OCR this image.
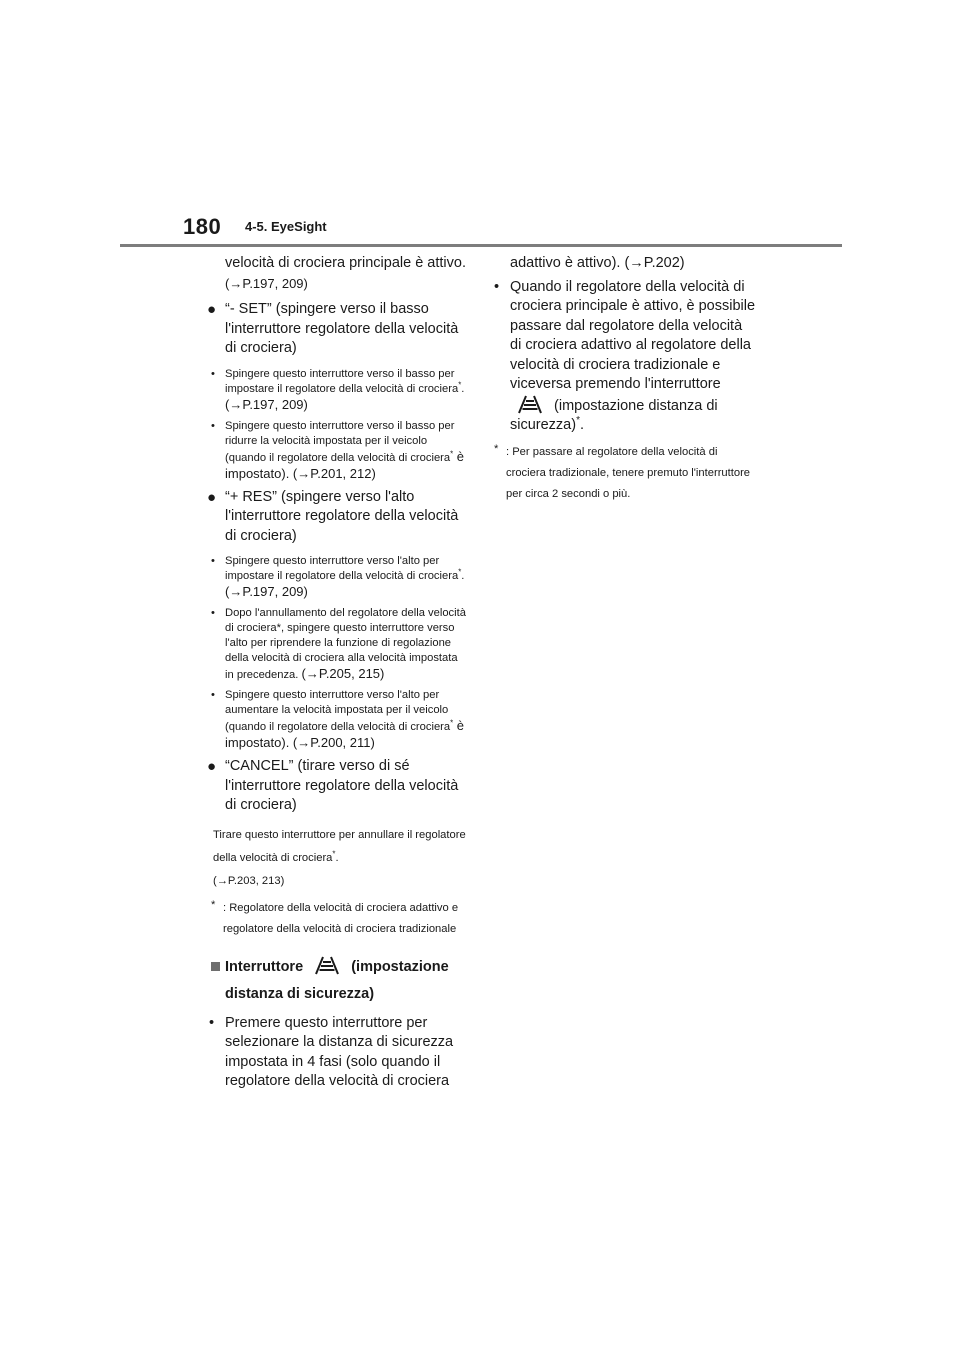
180 4-5. EyeSight

velocità di crociera principale è attivo.
(→P.197, 209)

● “- SET” (spingere verso il basso l'interruttore regolatore della velocità di crociera)
• Spingere questo interruttore verso il basso per impostare il regolatore della velocità di crociera*. (→P.197, 209)
• Spingere questo interruttore verso il basso per ridurre la velocità impostata per il veicolo (quando il regolatore della velocità di crociera* è impostato). (→P.201, 212)
● “+ RES” (spingere verso l'alto l'interruttore regolatore della velocità di crociera)
• Spingere questo interruttore verso l'alto per impostare il regolatore della velocità di crociera*. (→P.197, 209)
• Dopo l'annullamento del regolatore della velocità di crociera*, spingere questo interruttore verso l'alto per riprendere la funzione di regolazione della velocità di crociera alla velocità impostata in precedenza. (→P.205, 215)
• Spingere questo interruttore verso l'alto per aumentare la velocità impostata per il veicolo (quando il regolatore della velocità di crociera* è impostato). (→P.200, 211)
● “CANCEL” (tirare verso di sé l'interruttore regolatore della velocità di crociera)

Tirare questo interruttore per annullare il regolatore della velocità di crociera*.
(→P.203, 213)

* : Regolatore della velocità di crociera adattivo e regolatore della velocità di crociera tradizionale
Interruttore	(impostazione distanza di sicurezza)
• Premere questo interruttore per selezionare la distanza di sicurezza impostata in 4 fasi (solo quando il regolatore della velocità di crociera

adattivo è attivo). (→P.202)

• Quando il regolatore della velocità di crociera principale è attivo, è possibile passare dal regolatore della velocità di crociera adattivo al regolatore della velocità di crociera tradizionale e viceversa premendo l'interruttore
(impostazione distanza di sicurezza)*.
* : Per passare al regolatore della velocità di crociera tradizionale, tenere premuto l'interruttore per circa 2 secondi o più.
